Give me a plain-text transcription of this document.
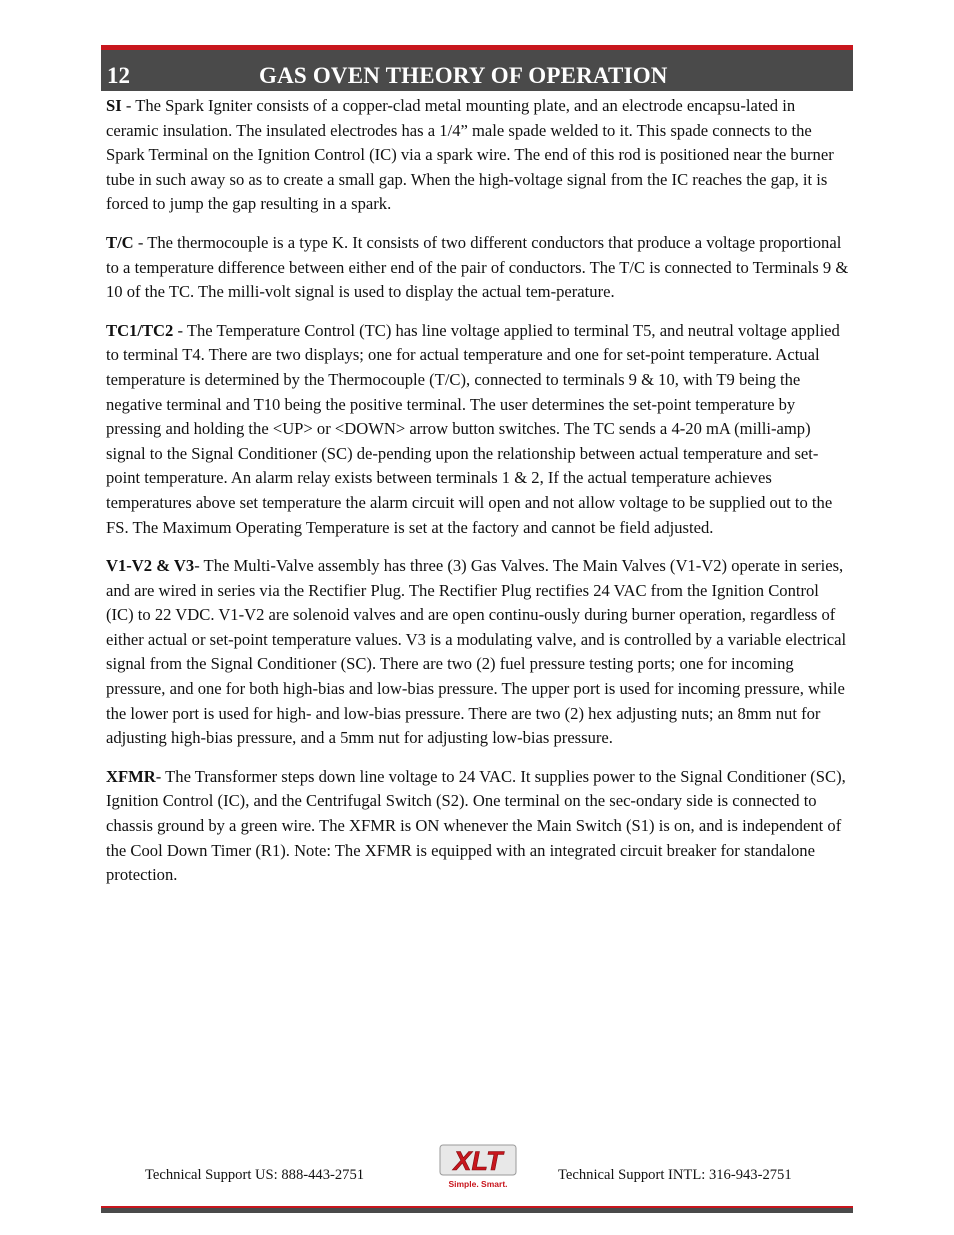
12	GAS OVEN THEORY OF OPERATION

SI - The Spark Igniter consists of a copper-clad metal mounting plate, and an electrode encapsu-lated in ceramic insulation. The insulated electrodes has a 1/4” male spade welded to it. This spade connects to the Spark Terminal on the Ignition Control (IC) via a spark wire. The end of this rod is positioned near the burner tube in such away so as to create a small gap. When the high-voltage signal from the IC reaches the gap, it is forced to jump the gap resulting in a spark.

T/C - The thermocouple is a type K. It consists of two different conductors that produce a voltage proportional to a temperature difference between either end of the pair of conductors. The T/C is connected to Terminals 9 & 10 of the TC. The milli-volt signal is used to display the actual tem-perature.

TC1/TC2 - The Temperature Control (TC) has line voltage applied to terminal T5, and neutral voltage applied to terminal T4. There are two displays; one for actual temperature and one for set-point temperature. Actual temperature is determined by the Thermocouple (T/C), connected to terminals 9 & 10, with T9 being the negative terminal and T10 being the positive terminal. The user determines the set-point temperature by pressing and holding the <UP> or <DOWN> arrow button switches. The TC sends a 4-20 mA (milli-amp) signal to the Signal Conditioner (SC) de-pending upon the relationship between actual temperature and set-point temperature. An alarm relay exists between terminals 1 & 2, If the actual temperature achieves temperatures above set temperature the alarm circuit will open and not allow voltage to be supplied out to the FS. The Maximum Operating Temperature is set at the factory and cannot be field adjusted.

V1-V2 & V3- The Multi-Valve assembly has three (3) Gas Valves. The Main Valves (V1-V2) operate in series, and are wired in series via the Rectifier Plug. The Rectifier Plug rectifies 24 VAC from the Ignition Control (IC) to 22 VDC. V1-V2 are solenoid valves and are open continu-ously during burner operation, regardless of either actual or set-point temperature values. V3 is a modulating valve, and is controlled by a variable electrical signal from the Signal Conditioner (SC). There are two (2) fuel pressure testing ports; one for incoming pressure, and one for both high-bias and low-bias pressure. The upper port is used for incoming pressure, while the lower port is used for high- and low-bias pressure. There are two (2) hex adjusting nuts; an 8mm nut for adjusting high-bias pressure, and a 5mm nut for adjusting low-bias pressure.

XFMR- The Transformer steps down line voltage to 24 VAC. It supplies power to the Signal Conditioner (SC), Ignition Control (IC), and the Centrifugal Switch (S2). One terminal on the sec-ondary side is connected to chassis ground by a green wire. The XFMR is ON whenever the Main Switch (S1) is on, and is independent of the Cool Down Timer (R1). Note: The XFMR is equipped with an integrated circuit breaker for standalone protection.

Technical Support US: 888-443-2751	XLT
Simple. Smart.
Technical Support INTL: 316-943-2751
